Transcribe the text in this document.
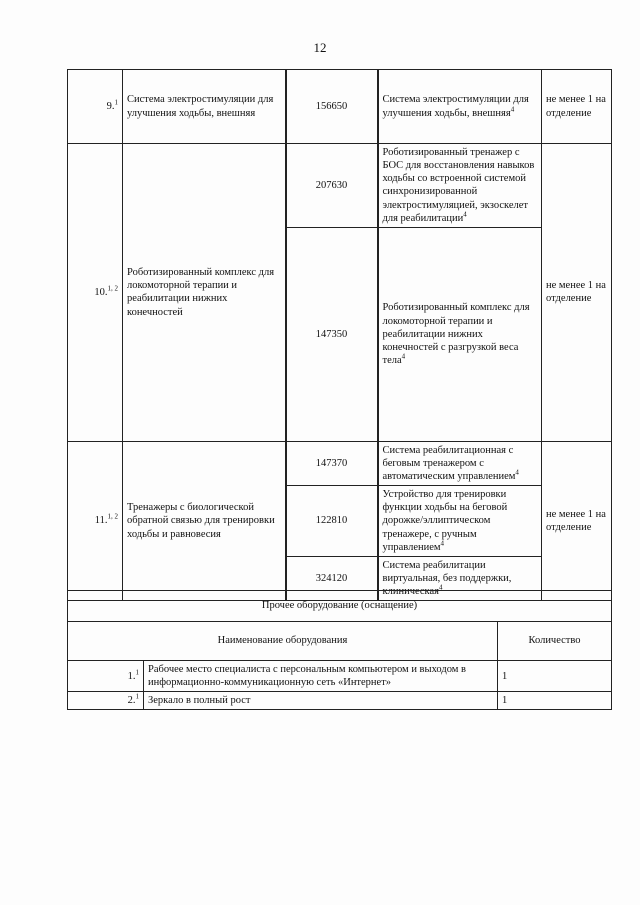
12
9.$^1$	Система электростимуляции для улучшения ходьбы, внешняя	156650	Система электростимуляции для улучшения ходьбы, внешняя$^4$	не менее 1 на отделение
10.$^{1, 2}$	Роботизированный комплекс для локомоторной терапии и реабилитации нижних конечностей	207630	Роботизированный тренажер с БОС для восстановления навыков ходьбы со встроенной системой синхронизированной электростимуляцией, экзоскелет для реабилитации$^4$	не менее 1 на отделение
		147350	Роботизированный комплекс для локомоторной терапии и реабилитации нижних конечностей с разгрузкой веса тела$^4$
11.$^{1, 2}$	Тренажеры с биологической обратной связью для тренировки ходьбы и равновесия	147370	Система реабилитационная с беговым тренажером с автоматическим управлением$^4$	не менее 1 на отделение
		122810	Устройство для тренировки функции ходьбы на беговой дорожке/эллиптическом тренажере, с ручным управлением$^4$
		324120	Система реабилитации виртуальная, без поддержки, клиническая$^4$
Прочее оборудование (оснащение)		
Наименование оборудования		Количество
1.$^1$	Рабочее место специалиста с персональным компьютером и выходом в информационно-коммуникационную сеть «Интернет»	1
2.$^1$	Зеркало в полный рост	1
